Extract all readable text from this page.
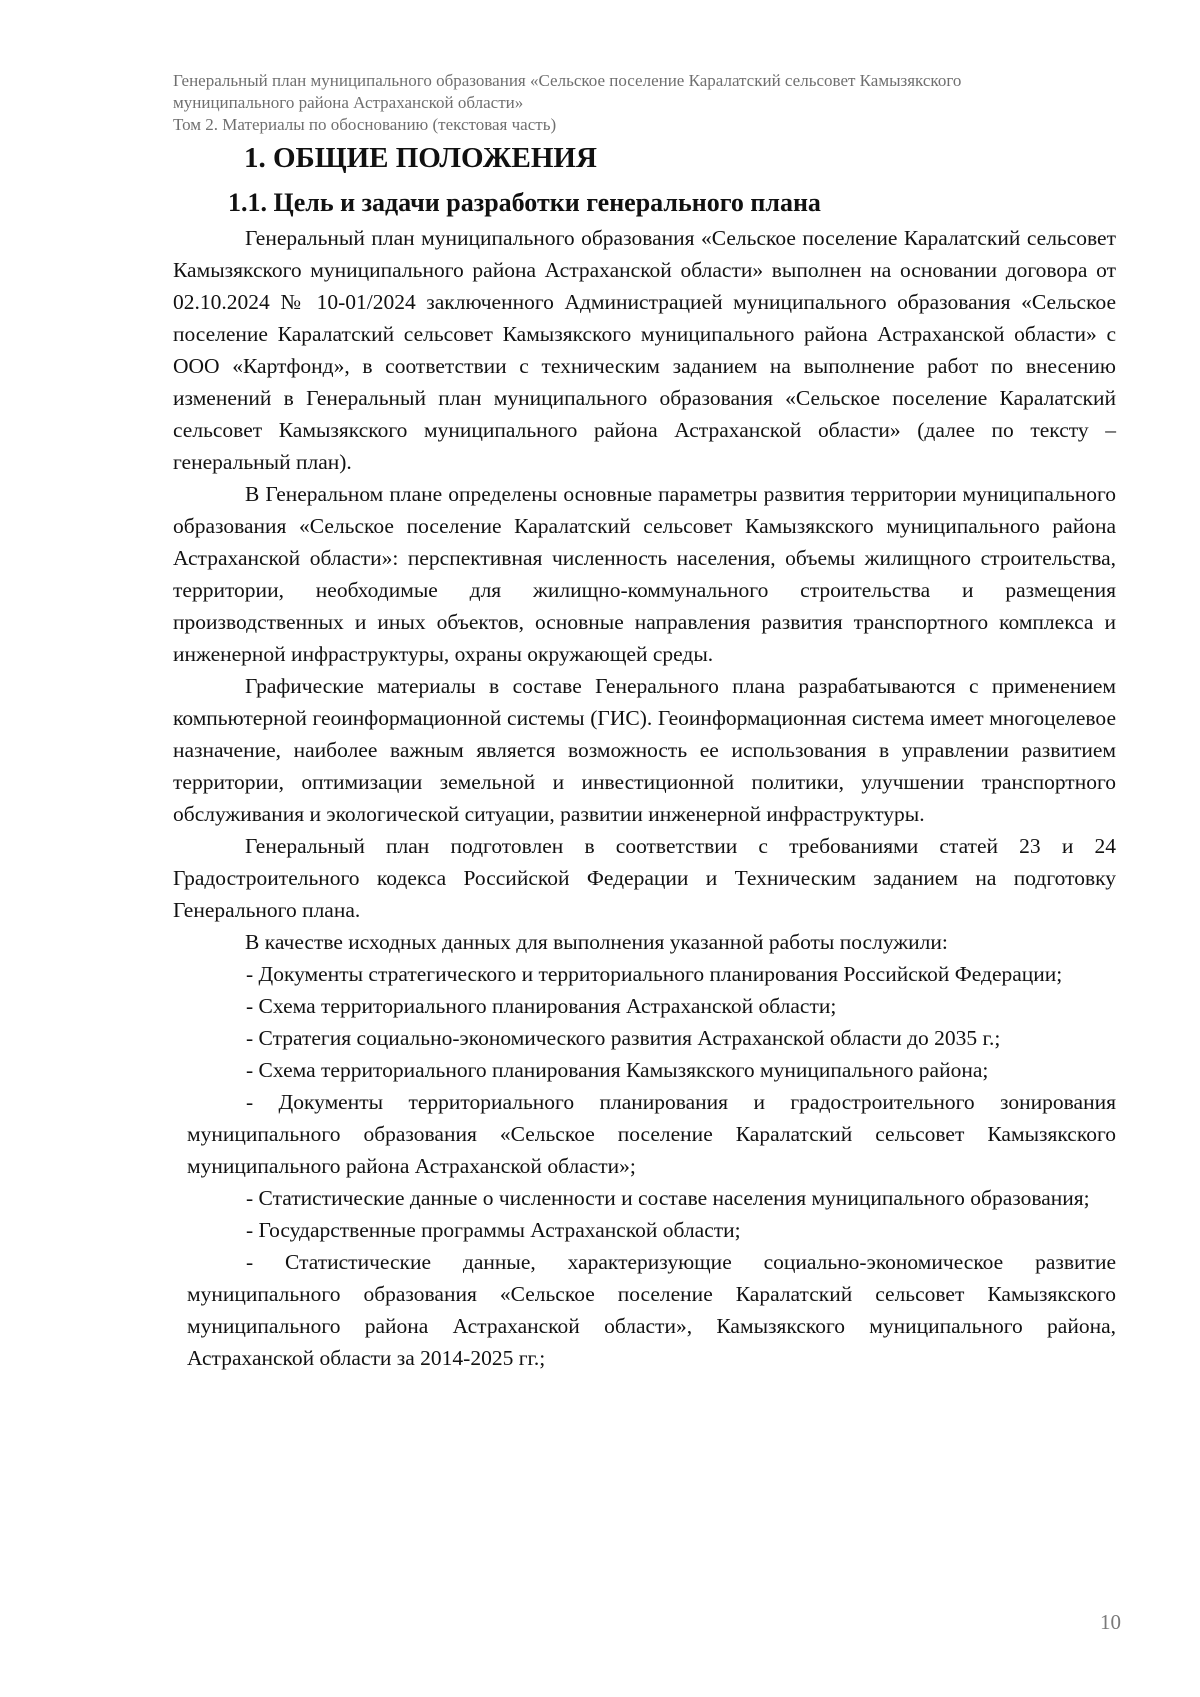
Генеральный план муниципального образования «Сельское поселение Каралатский сельсовет Камызякского
муниципального района Астраханской области»
Том 2. Материалы по обоснованию (текстовая часть)
1. ОБЩИЕ ПОЛОЖЕНИЯ
1.1. Цель и задачи разработки генерального плана

Генеральный план муниципального образования «Сельское поселение Каралатский сельсовет Камызякского муниципального района Астраханской области» выполнен на основании договора от 02.10.2024 № 10-01/2024 заключенного Администрацией муниципального образования «Сельское поселение Каралатский сельсовет Камызякского муниципального района Астраханской области» с ООО «Картфонд», в соответствии с техническим заданием на выполнение работ по внесению изменений в Генеральный план муниципального образования «Сельское поселение Каралатский сельсовет Камызякского муниципального района Астраханской области» (далее по тексту – генеральный план).

В Генеральном плане определены основные параметры развития территории муниципального образования «Сельское поселение Каралатский сельсовет Камызякского муниципального района Астраханской области»: перспективная численность населения, объемы жилищного строительства, территории, необходимые для жилищно-коммунального строительства и размещения производственных и иных объектов, основные направления развития транспортного комплекса и инженерной инфраструктуры, охраны окружающей среды.

Графические материалы в составе Генерального плана разрабатываются с применением компьютерной геоинформационной системы (ГИС). Геоинформационная система имеет многоцелевое назначение, наиболее важным является возможность ее использования в управлении развитием территории, оптимизации земельной и инвестиционной политики, улучшении транспортного обслуживания и экологической ситуации, развитии инженерной инфраструктуры.

Генеральный план подготовлен в соответствии с требованиями статей 23 и 24 Градостроительного кодекса Российской Федерации и Техническим заданием на подготовку Генерального плана.

В качестве исходных данных для выполнения указанной работы послужили:

- Документы стратегического и территориального планирования Российской Федерации;

- Схема территориального планирования Астраханской области;

- Стратегия социально-экономического развития Астраханской области до 2035 г.;

- Схема территориального планирования Камызякского муниципального района;

- Документы территориального планирования и градостроительного зонирования муниципального образования «Сельское поселение Каралатский сельсовет Камызякского муниципального района Астраханской области»;

- Статистические данные о численности и составе населения муниципального образования;

- Государственные программы Астраханской области;

- Статистические данные, характеризующие социально-экономическое развитие муниципального образования «Сельское поселение Каралатский сельсовет Камызякского муниципального района Астраханской области», Камызякского муниципального района, Астраханской области за 2014-2025 гг.;

10
